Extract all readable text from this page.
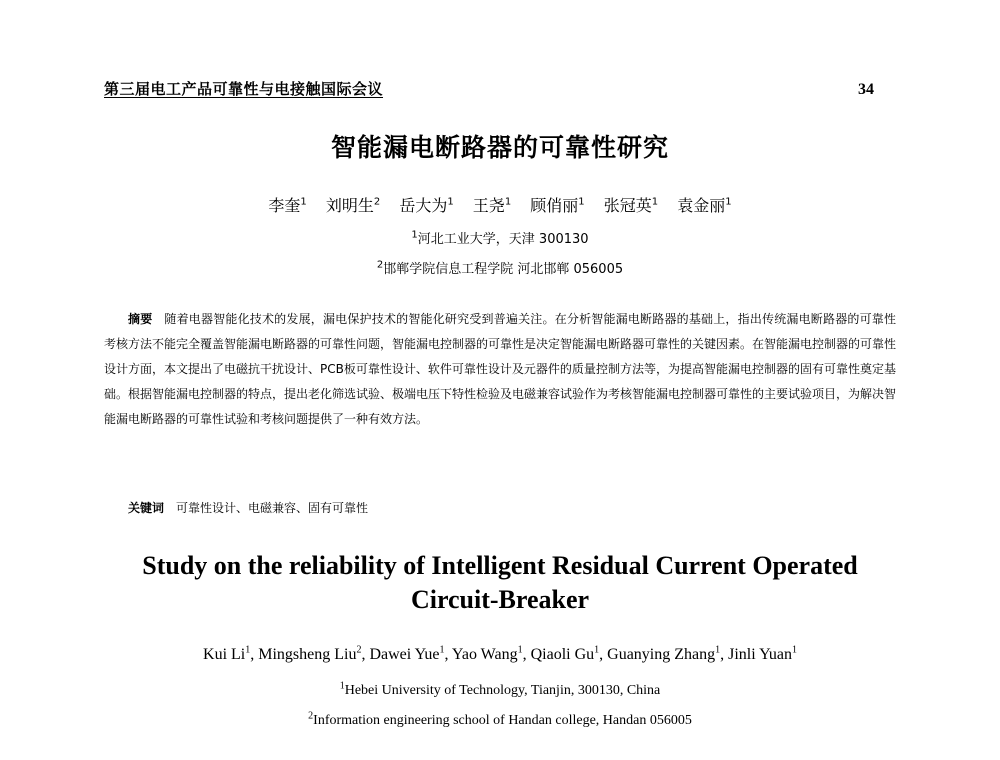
第三届电工产品可靠性与电接触国际会议	34
智能漏电断路器的可靠性研究
李奎$^1$ 刘明生$^2$ 岳大为$^1$ 王尧$^1$ 顾俏丽$^1$ 张冠英$^1$ 袁金丽$^1$
$^1$河北工业大学，天津 300130
$^2$邯郸学院信息工程学院 河北邯郸 056005
摘要 随着电器智能化技术的发展，漏电保护技术的智能化研究受到普遍关注。在分析智能漏电断路器的基础上，指出传统漏电断路器的可靠性考核方法不能完全覆盖智能漏电断路器的可靠性问题，智能漏电控制器的可靠性是决定智能漏电断路器可靠性的关键因素。在智能漏电控制器的可靠性设计方面，本文提出了电磁抗干扰设计、PCB板可靠性设计、软件可靠性设计及元器件的质量控制方法等，为提高智能漏电控制器的固有可靠性奠定基础。根据智能漏电控制器的特点，提出老化筛选试验、极端电压下特性检验及电磁兼容试验作为考核智能漏电控制器可靠性的主要试验项目，为解决智能漏电断路器的可靠性试验和考核问题提供了一种有效方法。
关键词 可靠性设计、电磁兼容、固有可靠性
Study on the reliability of Intelligent Residual Current Operated
Circuit-Breaker
Kui Li$^1$, Mingsheng Liu$^2$, Dawei Yue$^1$, Yao Wang$^1$, Qiaoli Gu$^1$, Guanying Zhang$^1$, Jinli Yuan$^1$
$^1$Hebei University of Technology, Tianjin, 300130, China
$^2$Information engineering school of Handan college, Handan 056005
